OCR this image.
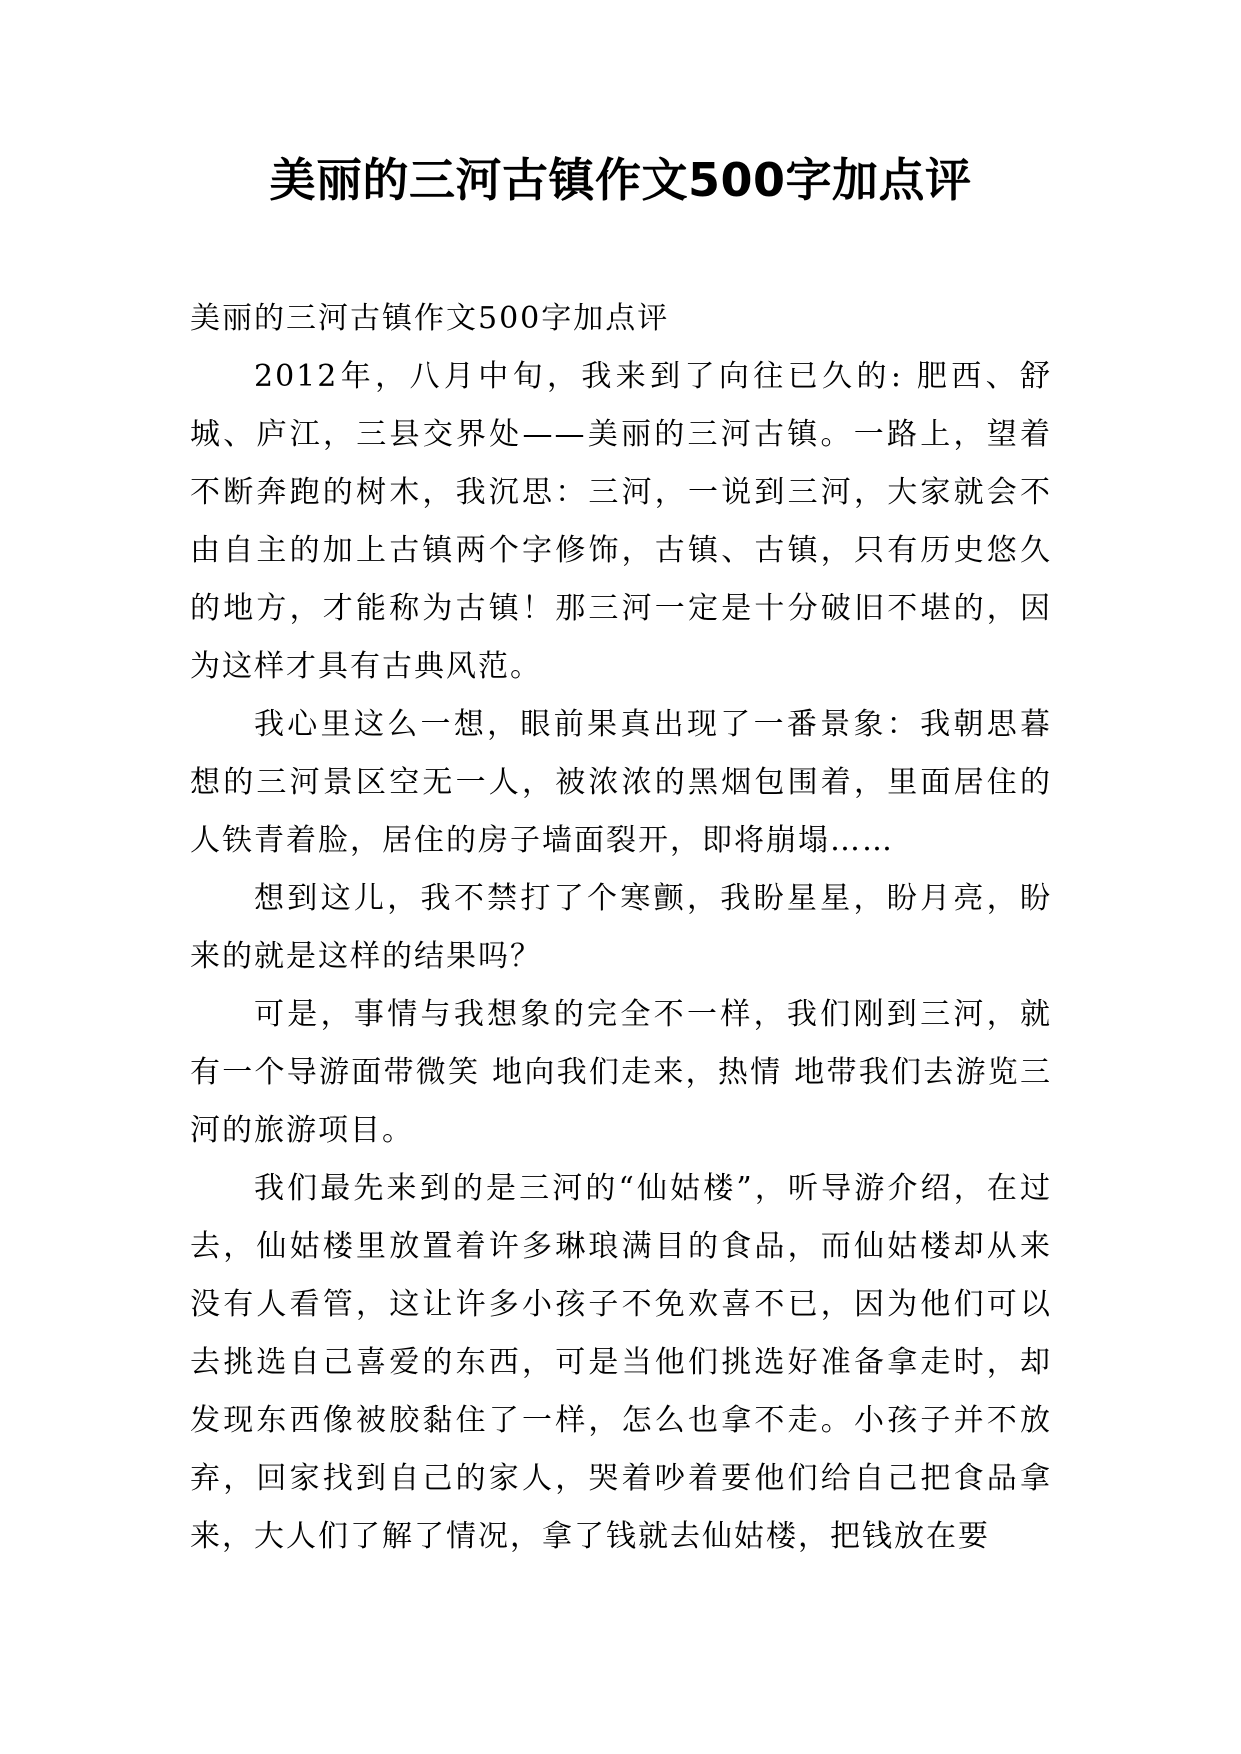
美丽的三河古镇作文500字加点评

美丽的三河古镇作文500字加点评

2012年，八月中旬，我来到了向往已久的: 肥西、舒城、庐江，三县交界处——美丽的三河古镇。一路上，望着不断奔跑的树木，我沉思：三河，一说到三河，大家就会不由自主的加上古镇两个字修饰，古镇、古镇，只有历史悠久的地方，才能称为古镇！那三河一定是十分破旧不堪的，因为这样才具有古典风范。

我心里这么一想，眼前果真出现了一番景象：我朝思暮想的三河景区空无一人，被浓浓的黑烟包围着，里面居住的人铁青着脸，居住的房子墙面裂开，即将崩塌……

想到这儿，我不禁打了个寒颤，我盼星星，盼月亮，盼来的就是这样的结果吗？

可是，事情与我想象的完全不一样，我们刚到三河，就有一个导游面带微笑 地向我们走来，热情 地带我们去游览三河的旅游项目。

我们最先来到的是三河的“仙姑楼”，听导游介绍，在过去，仙姑楼里放置着许多琳琅满目的食品，而仙姑楼却从来没有人看管，这让许多小孩子不免欢喜不已，因为他们可以去挑选自己喜爱的东西，可是当他们挑选好准备拿走时，却发现东西像被胶黏住了一样，怎么也拿不走。小孩子并不放弃，回家找到自己的家人，哭着吵着要他们给自己把食品拿来，大人们了解了情况，拿了钱就去仙姑楼，把钱放在要
